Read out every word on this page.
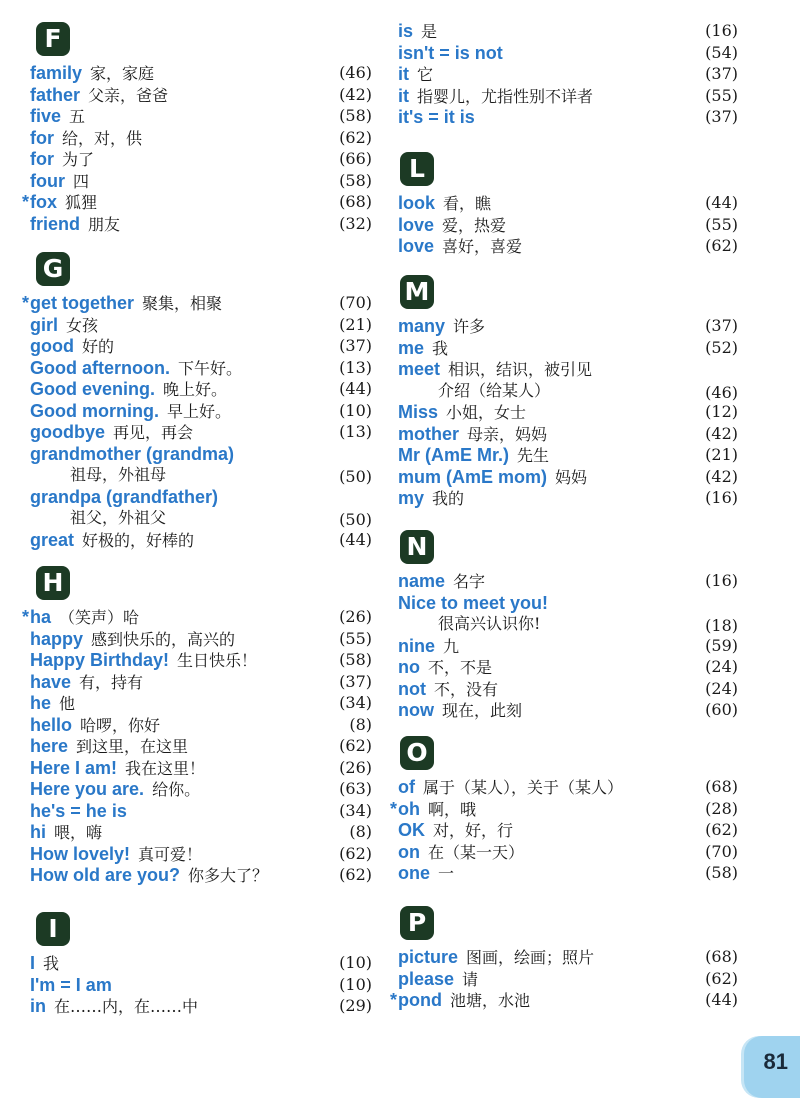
F
family  家，家庭	(46)
father  父亲，爸爸	(42)
five  五	(58)
for  给，对，供	(62)
for  为了	(66)
four  四	(58)
* fox  狐狸	(68)
friend  朋友	(32)
G
* get together  聚集，相聚	(70)
girl  女孩	(21)
good  好的	(37)
Good afternoon.  下午好。	(13)
Good evening.  晚上好。	(44)
Good morning.  早上好。	(10)
goodbye  再见，再会	(13)
grandmother (grandma)
祖母，外祖母	(50)
grandpa (grandfather)
祖父，外祖父	(50)
great  好极的，好棒的	(44)
H
* ha  （笑声）哈	(26)
happy  感到快乐的，高兴的	(55)
Happy Birthday!  生日快乐！	(58)
have  有，持有	(37)
he  他	(34)
hello  哈啰，你好	(8)
here  到这里，在这里	(62)
Here I am!  我在这里！	(26)
Here you are.  给你。	(63)
he's = he is	(34)
hi  喂，嗨	(8)
How lovely!  真可爱！	(62)
How old are you?  你多大了？	(62)
I
I  我	(10)
I'm = I am	(10)
in  在……内，在……中	(29)
is  是	(16)
isn't = is not	(54)
it  它	(37)
it  指婴儿，尤指性别不详者	(55)
it's = it is	(37)
L
look  看，瞧	(44)
love  爱，热爱	(55)
love  喜好，喜爱	(62)
M
many  许多	(37)
me  我	(52)
meet  相识，结识，被引见
介绍（给某人）	(46)
Miss  小姐，女士	(12)
mother  母亲，妈妈	(42)
Mr (AmE Mr.)  先生	(21)
mum (AmE mom)  妈妈	(42)
my  我的	(16)
N
name  名字	(16)
Nice to meet you!
很高兴认识你!	(18)
nine  九	(59)
no  不，不是	(24)
not  不，没有	(24)
now  现在，此刻	(60)
O
of  属于（某人），关于（某人）	(68)
* oh  啊，哦	(28)
OK  对，好，行	(62)
on  在（某一天）	(70)
one  一	(58)
P
picture  图画，绘画；照片	(68)
please  请	(62)
* pond  池塘，水池	(44)
81
